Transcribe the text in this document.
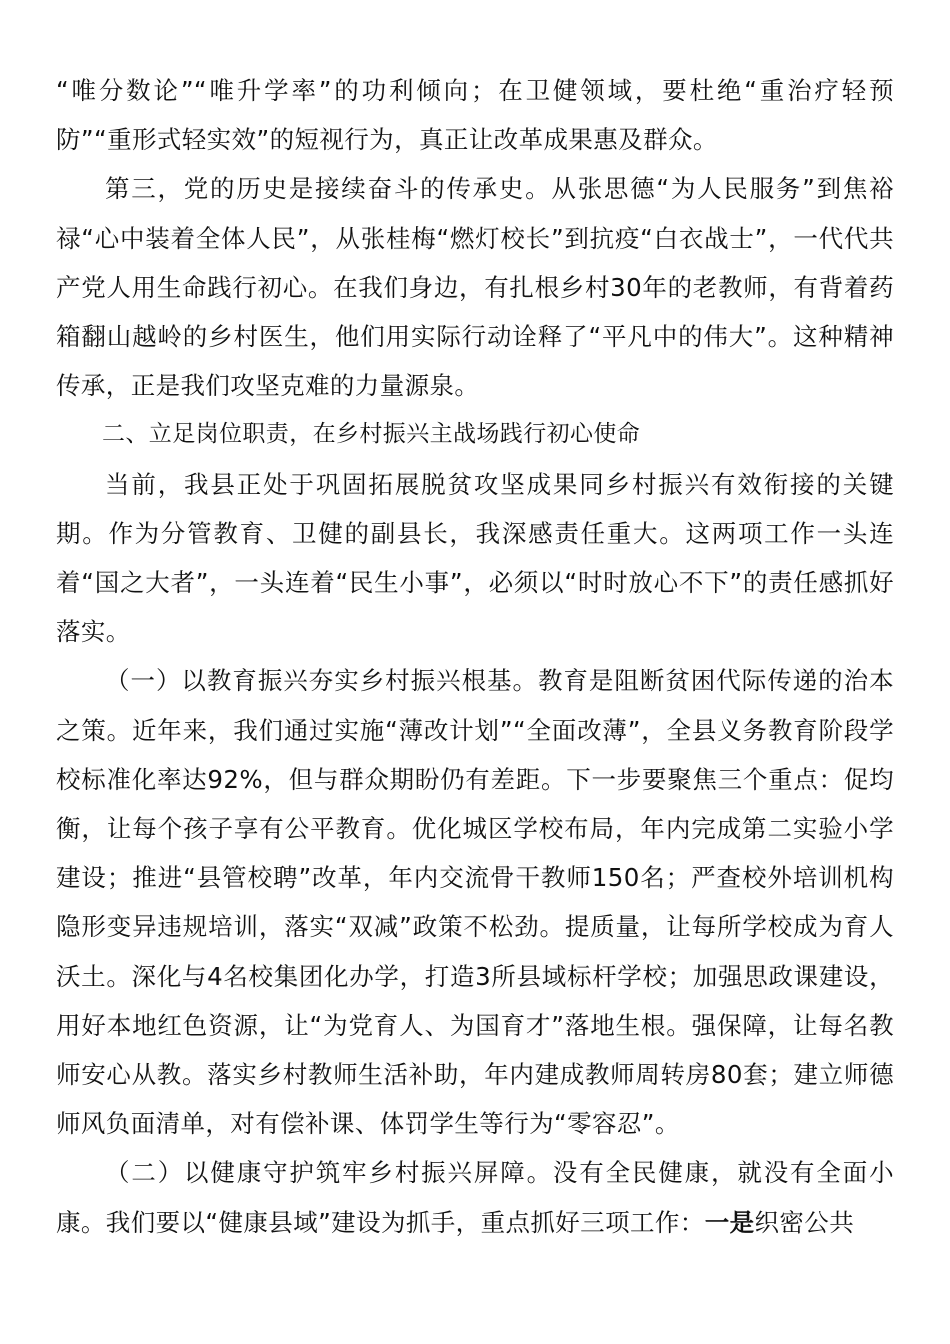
“唯分数论”“唯升学率”的功利倾向；在卫健领域，要杜绝“重治疗轻预防”“重形式轻实效”的短视行为，真正让改革成果惠及群众。

第三，党的历史是接续奋斗的传承史。从张思德“为人民服务”到焦裕禄“心中装着全体人民”，从张桂梅“燃灯校长”到抗疫“白衣战士”，一代代共产党人用生命践行初心。在我们身边，有扎根乡村30年的老教师，有背着药箱翻山越岭的乡村医生，他们用实际行动诠释了“平凡中的伟大”。这种精神传承，正是我们攻坚克难的力量源泉。

二、立足岗位职责，在乡村振兴主战场践行初心使命

当前，我县正处于巩固拓展脱贫攻坚成果同乡村振兴有效衔接的关键期。作为分管教育、卫健的副县长，我深感责任重大。这两项工作一头连着“国之大者”，一头连着“民生小事”，必须以“时时放心不下”的责任感抓好落实。

（一）以教育振兴夯实乡村振兴根基。教育是阻断贫困代际传递的治本之策。近年来，我们通过实施“薄改计划”“全面改薄”，全县义务教育阶段学校标准化率达92%，但与群众期盼仍有差距。下一步要聚焦三个重点：促均衡，让每个孩子享有公平教育。优化城区学校布局，年内完成第二实验小学建设；推进“县管校聘”改革，年内交流骨干教师150名；严查校外培训机构隐形变异违规培训，落实“双减”政策不松劲。提质量，让每所学校成为育人沃土。深化与4名校集团化办学，打造3所县域标杆学校；加强思政课建设，用好本地红色资源，让“为党育人、为国育才”落地生根。强保障，让每名教师安心从教。落实乡村教师生活补助，年内建成教师周转房80套；建立师德师风负面清单，对有偿补课、体罚学生等行为“零容忍”。

（二）以健康守护筑牢乡村振兴屏障。没有全民健康，就没有全面小康。我们要以“健康县域”建设为抓手，重点抓好三项工作：一是织密公共
